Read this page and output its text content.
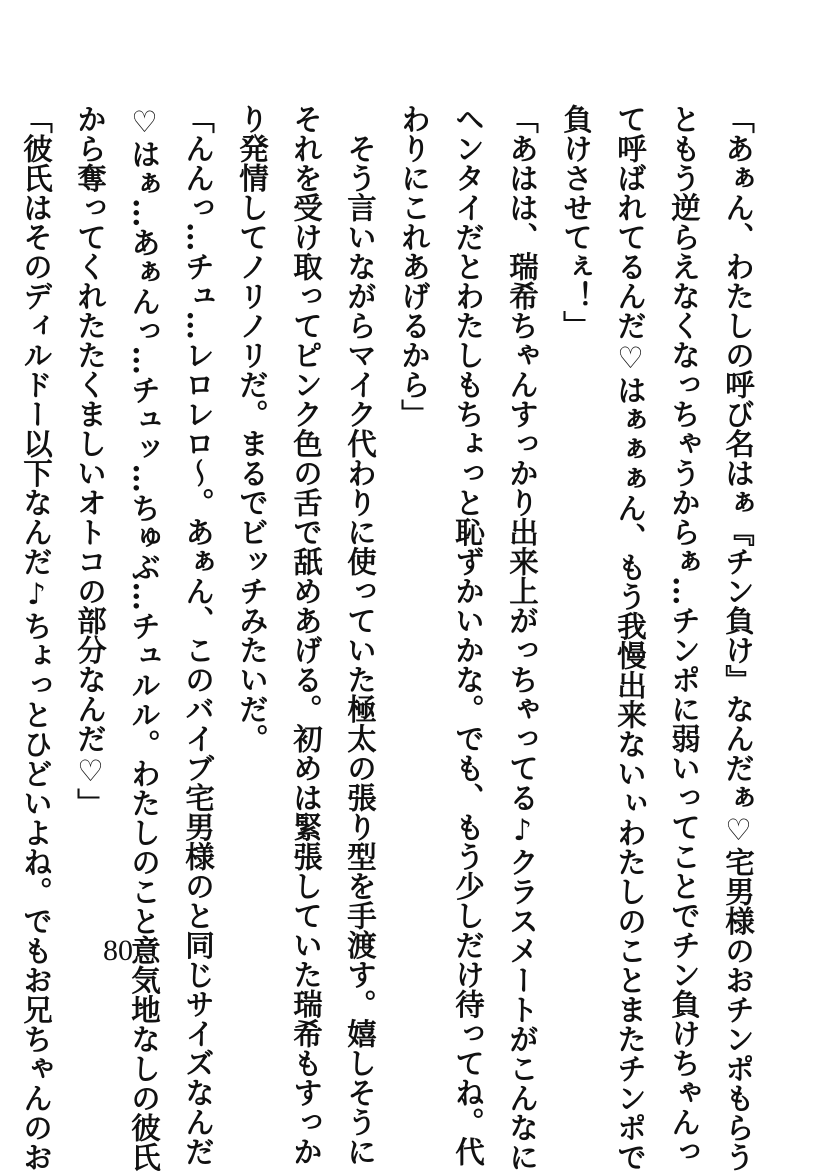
「あぁん、わたしの呼び名はぁ『チン負け』なんだぁ♡宅男様のおチンポもらう
ともう逆らえなくなっちゃうからぁ…チンポに弱いってことでチン負けちゃんっ
て呼ばれてるんだ♡はぁぁぁん、もう我慢出来ないぃわたしのことまたチンポで
負けさせてぇ！」
「あはは、瑞希ちゃんすっかり出来上がっちゃってる♪クラスメートがこんなに
ヘンタイだとわたしもちょっと恥ずかいかな。でも、もう少しだけ待ってね。代
わりにこれあげるから」
　そう言いながらマイク代わりに使っていた極太の張り型を手渡す。嬉しそうに
それを受け取ってピンク色の舌で舐めあげる。初めは緊張していた瑞希もすっか
り発情してノリノリだ。まるでビッチみたいだ。
「んんっ…チュ…レロレロ～。あぁん、このバイブ宅男様のと同じサイズなんだ
♡はぁ…あぁんっ…チュッ…ちゅぶ…チュルル。わたしのこと意気地なしの彼氏
から奪ってくれたたくましいオトコの部分なんだ♡」
「彼氏はそのディルドー以下なんだ♪ちょっとひどいよね。でもお兄ちゃんのお	80
